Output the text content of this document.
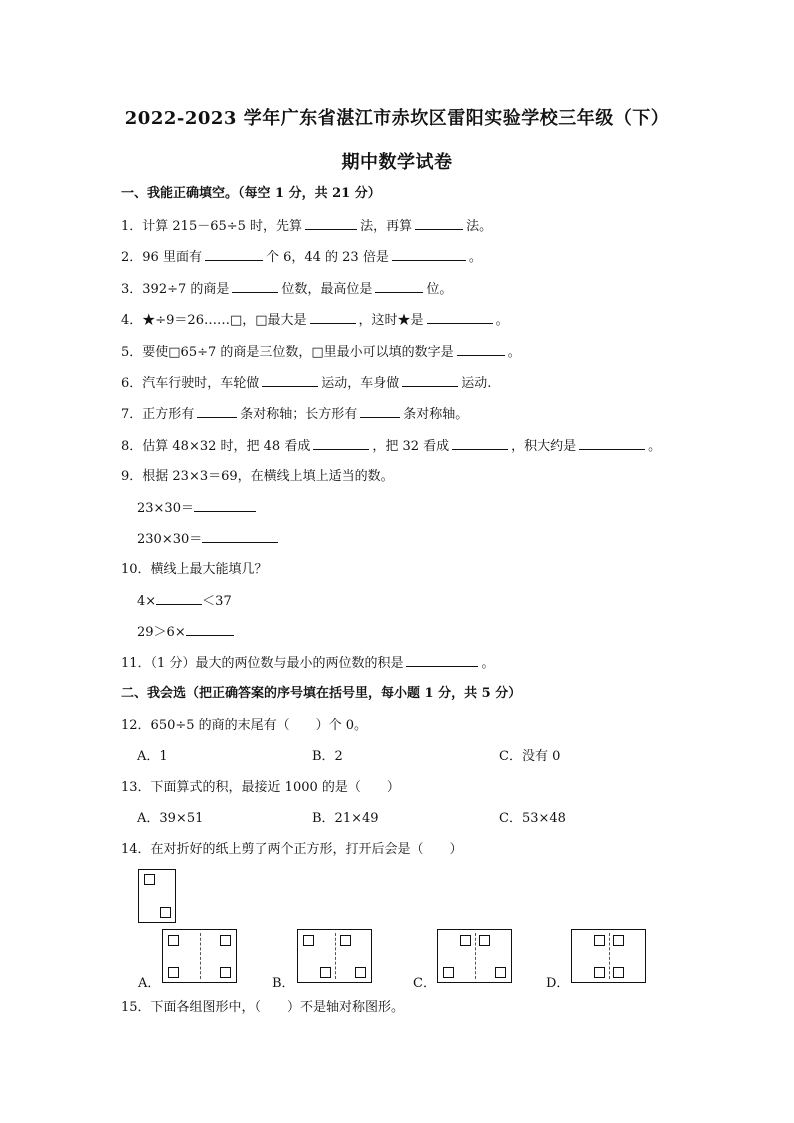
2022-2023 学年广东省湛江市赤坎区雷阳实验学校三年级（下）
期中数学试卷
一、我能正确填空。（每空 1 分，共 21 分）
1．计算 215－65÷5 时，先算	法，再算	法。
2．96 里面有	个 6，44 的 23 倍是	。
3．392÷7 的商是	位数，最高位是	位。
4．★÷9＝26……□，□最大是	，这时★是	。
5．要使□65÷7 的商是三位数，□里最小可以填的数字是	。
6．汽车行驶时，车轮做	运动，车身做	运动.
7．正方形有	条对称轴；长方形有	条对称轴。
8．估算 48×32 时，把 48 看成	，把 32 看成	，积大约是	。
9．根据 23×3＝69，在横线上填上适当的数。
23×30＝
230×30＝
10．横线上最大能填几？
4×	＜37
29＞6×
11．（1 分）最大的两位数与最小的两位数的积是	。
二、我会选（把正确答案的序号填在括号里，每小题 1 分，共 5 分）
12．650÷5 的商的末尾有（　　）个 0。
A．1	B．2	C．没有 0
13．下面算式的积，最接近 1000 的是（　　）
A．39×51	B．21×49	C．53×48
14．在对折好的纸上剪了两个正方形，打开后会是（　　）
A．	B．	C．	D．
15．下面各组图形中，（　　）不是轴对称图形。
